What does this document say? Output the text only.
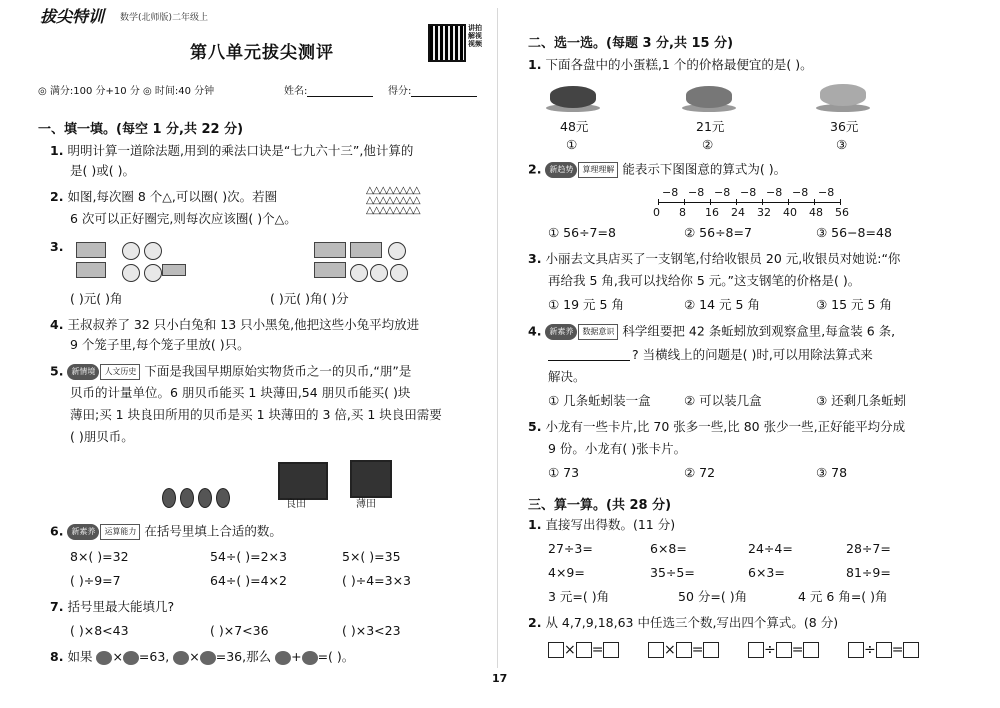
拔尖特训 数学(北师版)二年级上
第八单元拔尖测评
讲拍解视视频
◎ 满分:100 分+10 分 ◎ 时间:40 分钟	姓名:	得分:
一、填一填。(每空 1 分,共 22 分)
1. 明明计算一道除法题,用到的乘法口诀是“七九六十三”,他计算的
是( )或( )。
2. 如图,每次圈 8 个△,可以圈( )次。若圈
6 次可以正好圈完,则每次应该圈( )个△。
△△△△△△△△
△△△△△△△△
△△△△△△△△
3.
( )元( )角	( )元( )角( )分
4. 王叔叔养了 32 只小白兔和 13 只小黑兔,他把这些小兔平均放进
9 个笼子里,每个笼子里放( )只。
5. 新情境 人文历史 下面是我国早期原始实物货币之一的贝币,“朋”是
贝币的计量单位。6 朋贝币能买 1 块薄田,54 朋贝币能买( )块
薄田;买 1 块良田所用的贝币是买 1 块薄田的 3 倍,买 1 块良田需要
( )朋贝币。
良田	薄田
6. 新素养 运算能力 在括号里填上合适的数。
8×( )=32	54÷( )=2×3	5×( )=35
( )÷9=7	64÷( )=4×2	( )÷4=3×3
7. 括号里最大能填几?
( )×8<43	( )×7<36	( )×3<23
8. 如果 × =63, × =36,那么 + =( )。
二、选一选。(每题 3 分,共 15 分)
1. 下面各盘中的小蛋糕,1 个的价格最便宜的是( )。
48元	21元	36元
①	②	③
2. 新趋势 算理理解 能表示下图图意的算式为( )。
0 8 16 24 32 40 48 56
−8 −8 −8 −8 −8 −8 −8
① 56÷7=8	② 56÷8=7	③ 56−8=48
3. 小丽去文具店买了一支钢笔,付给收银员 20 元,收银员对她说:“你
再给我 5 角,我可以找给你 5 元。”这支钢笔的价格是( )。
① 19 元 5 角	② 14 元 5 角	③ 15 元 5 角
4. 新素养 数据意识 科学组要把 42 条蚯蚓放到观察盒里,每盒装 6 条,
? 当横线上的问题是( )时,可以用除法算式来
解决。
① 几条蚯蚓装一盒	② 可以装几盒	③ 还剩几条蚯蚓
5. 小龙有一些卡片,比 70 张多一些,比 80 张少一些,正好能平均分成
9 份。小龙有( )张卡片。
① 73	② 72	③ 78
三、算一算。(共 28 分)
1. 直接写出得数。(11 分)
27÷3=	6×8=	24÷4=	28÷7=
4×9=	35÷5=	6×3=	81÷9=
3 元=( )角	50 分=( )角	4 元 6 角=( )角
2. 从 4,7,9,18,63 中任选三个数,写出四个算式。(8 分)
× =	× =	÷ =	÷ =
17
